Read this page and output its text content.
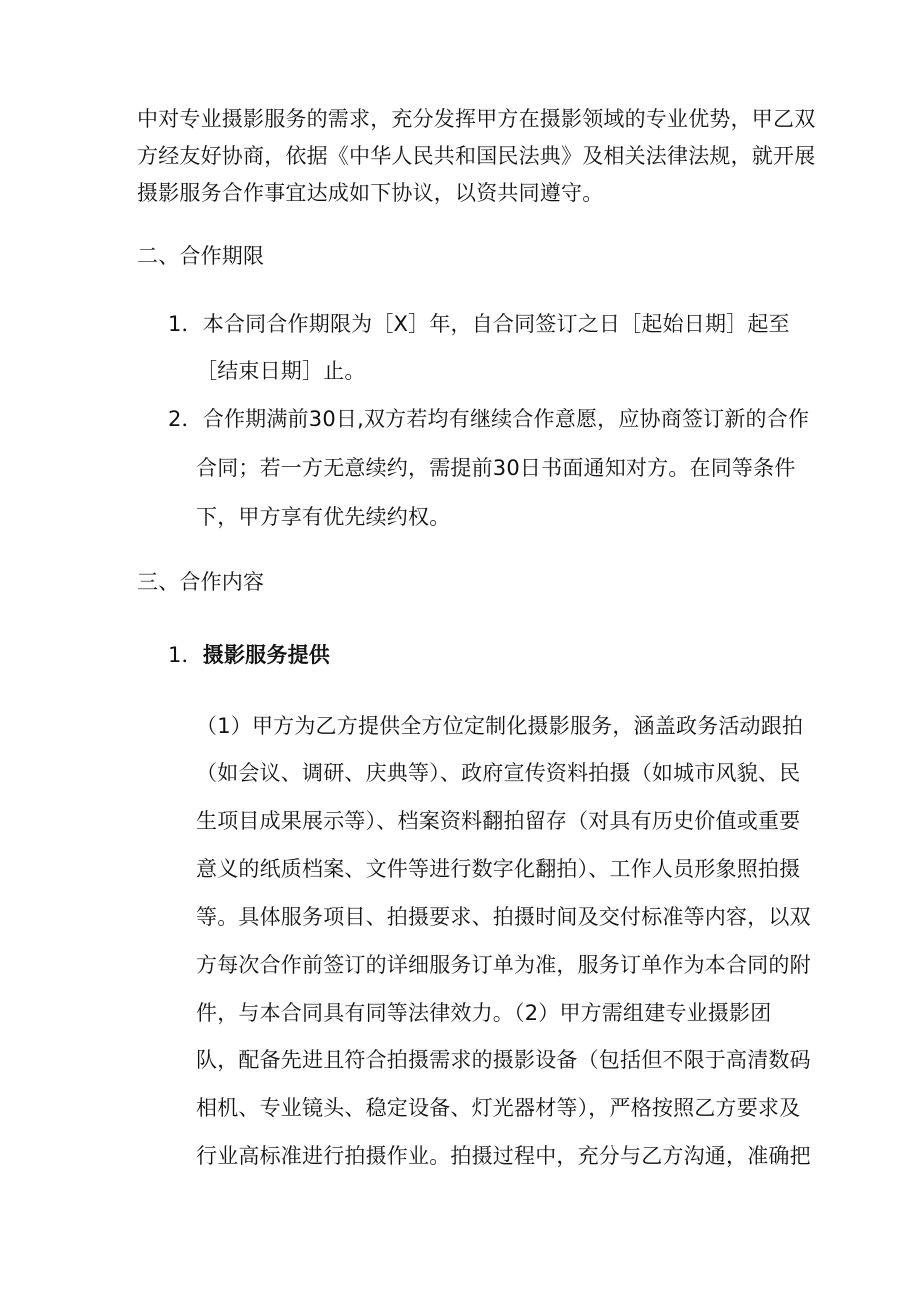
中对专业摄影服务的需求，充分发挥甲方在摄影领域的专业优势，甲乙双
方经友好协商，依据《中华人民共和国民法典》及相关法律法规，就开展
摄影服务合作事宜达成如下协议，以资共同遵守。
二、合作期限
1．本合同合作期限为［X］年，自合同签订之日［起始日期］起至
［结束日期］止。
2．合作期满前30日,双方若均有继续合作意愿，应协商签订新的合作
合同；若一方无意续约，需提前30日书面通知对方。在同等条件
下，甲方享有优先续约权。
三、合作内容
1．摄影服务提供
（1）甲方为乙方提供全方位定制化摄影服务，涵盖政务活动跟拍
（如会议、调研、庆典等）、政府宣传资料拍摄（如城市风貌、民
生项目成果展示等）、档案资料翻拍留存（对具有历史价值或重要
意义的纸质档案、文件等进行数字化翻拍）、工作人员形象照拍摄
等。具体服务项目、拍摄要求、拍摄时间及交付标准等内容，以双
方每次合作前签订的详细服务订单为准，服务订单作为本合同的附
件，与本合同具有同等法律效力。（2）甲方需组建专业摄影团
队，配备先进且符合拍摄需求的摄影设备（包括但不限于高清数码
相机、专业镜头、稳定设备、灯光器材等），严格按照乙方要求及
行业高标准进行拍摄作业。拍摄过程中，充分与乙方沟通，准确把
